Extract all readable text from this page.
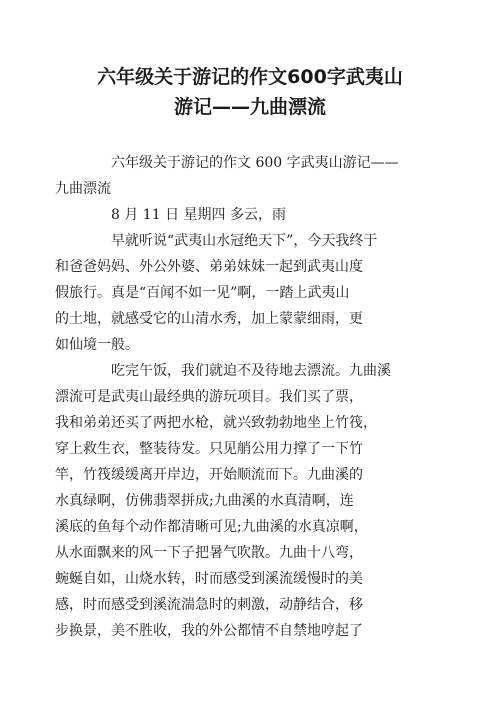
六年级关于游记的作文600字武夷山
游记——九曲漂流
六年级关于游记的作文 600 字武夷山游记——
九曲漂流
8 月 11 日 星期四 多云，雨
早就听说“武夷山水冠绝天下”，今天我终于
和爸爸妈妈、外公外婆、弟弟妹妹一起到武夷山度
假旅行。真是“百闻不如一见”啊，一踏上武夷山
的土地，就感受它的山清水秀，加上蒙蒙细雨，更
如仙境一般。
吃完午饭，我们就迫不及待地去漂流。九曲溪
漂流可是武夷山最经典的游玩项目。我们买了票，
我和弟弟还买了两把水枪，就兴致勃勃地坐上竹筏，
穿上救生衣，整装待发。只见艄公用力撑了一下竹
竿，竹筏缓缓离开岸边，开始顺流而下。九曲溪的
水真绿啊，仿佛翡翠拼成;九曲溪的水真清啊，连
溪底的鱼每个动作都清晰可见;九曲溪的水真凉啊，
从水面飘来的风一下子把暑气吹散。九曲十八弯，
蜿蜒自如，山烧水转，时而感受到溪流缓慢时的美
感，时而感受到溪流湍急时的刺激，动静结合，移
步换景，美不胜收，我的外公都情不自禁地哼起了
